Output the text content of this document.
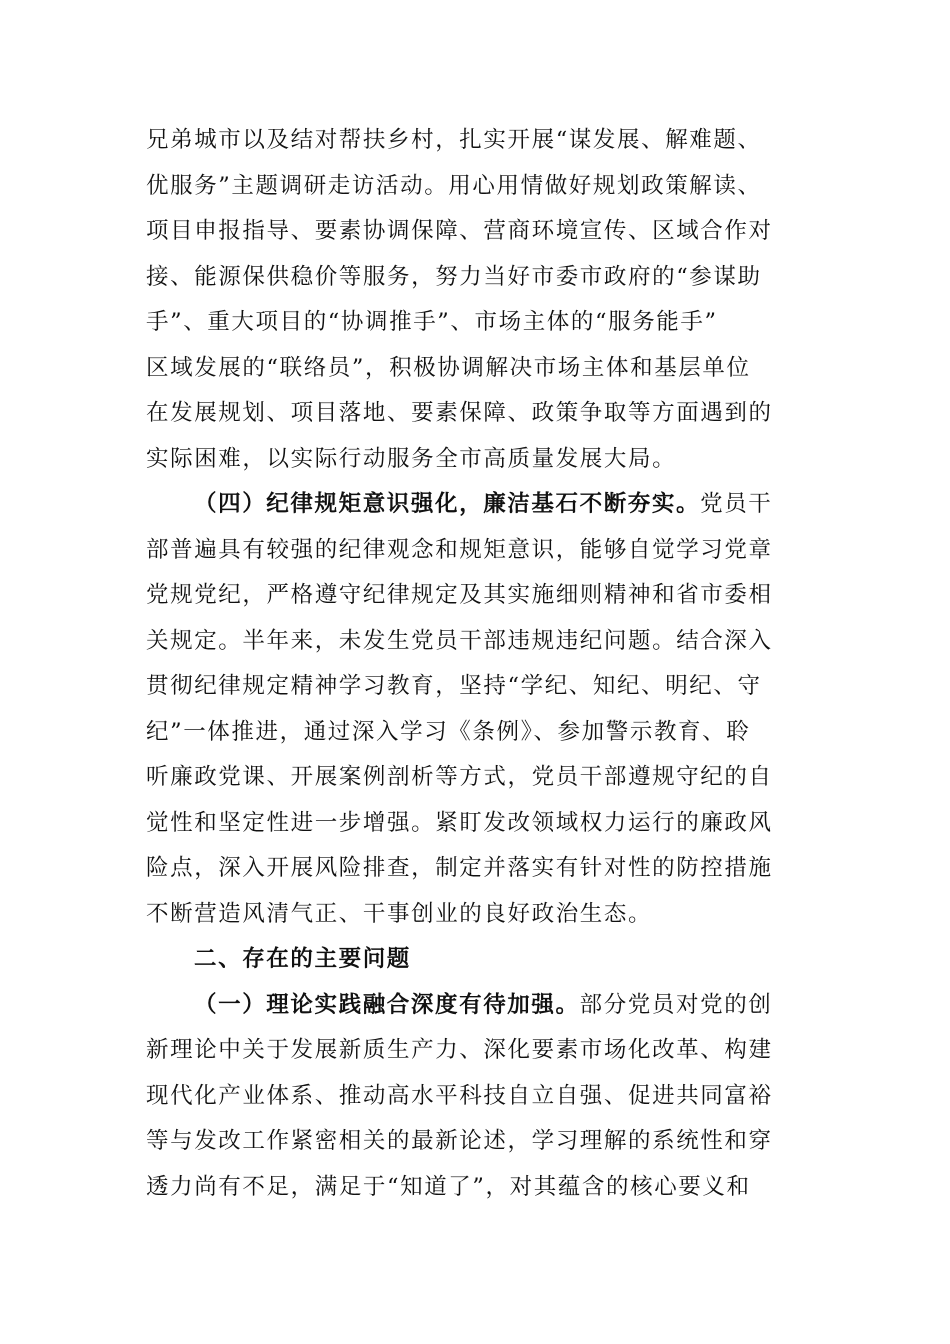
兄弟城市以及结对帮扶乡村，扎实开展“谋发展、解难题、
优服务”主题调研走访活动。用心用情做好规划政策解读、
项目申报指导、要素协调保障、营商环境宣传、区域合作对
接、能源保供稳价等服务，努力当好市委市政府的“参谋助
手”、重大项目的“协调推手”、市场主体的“服务能手”
区域发展的“联络员”，积极协调解决市场主体和基层单位
在发展规划、项目落地、要素保障、政策争取等方面遇到的
实际困难，以实际行动服务全市高质量发展大局。
（四）纪律规矩意识强化，廉洁基石不断夯实。党员干
部普遍具有较强的纪律观念和规矩意识，能够自觉学习党章
党规党纪，严格遵守纪律规定及其实施细则精神和省市委相
关规定。半年来，未发生党员干部违规违纪问题。结合深入
贯彻纪律规定精神学习教育，坚持“学纪、知纪、明纪、守
纪”一体推进，通过深入学习《条例》、参加警示教育、聆
听廉政党课、开展案例剖析等方式，党员干部遵规守纪的自
觉性和坚定性进一步增强。紧盯发改领域权力运行的廉政风
险点，深入开展风险排查，制定并落实有针对性的防控措施
不断营造风清气正、干事创业的良好政治生态。
二、存在的主要问题
（一）理论实践融合深度有待加强。部分党员对党的创
新理论中关于发展新质生产力、深化要素市场化改革、构建
现代化产业体系、推动高水平科技自立自强、促进共同富裕
等与发改工作紧密相关的最新论述，学习理解的系统性和穿
透力尚有不足，满足于“知道了”，对其蕴含的核心要义和
